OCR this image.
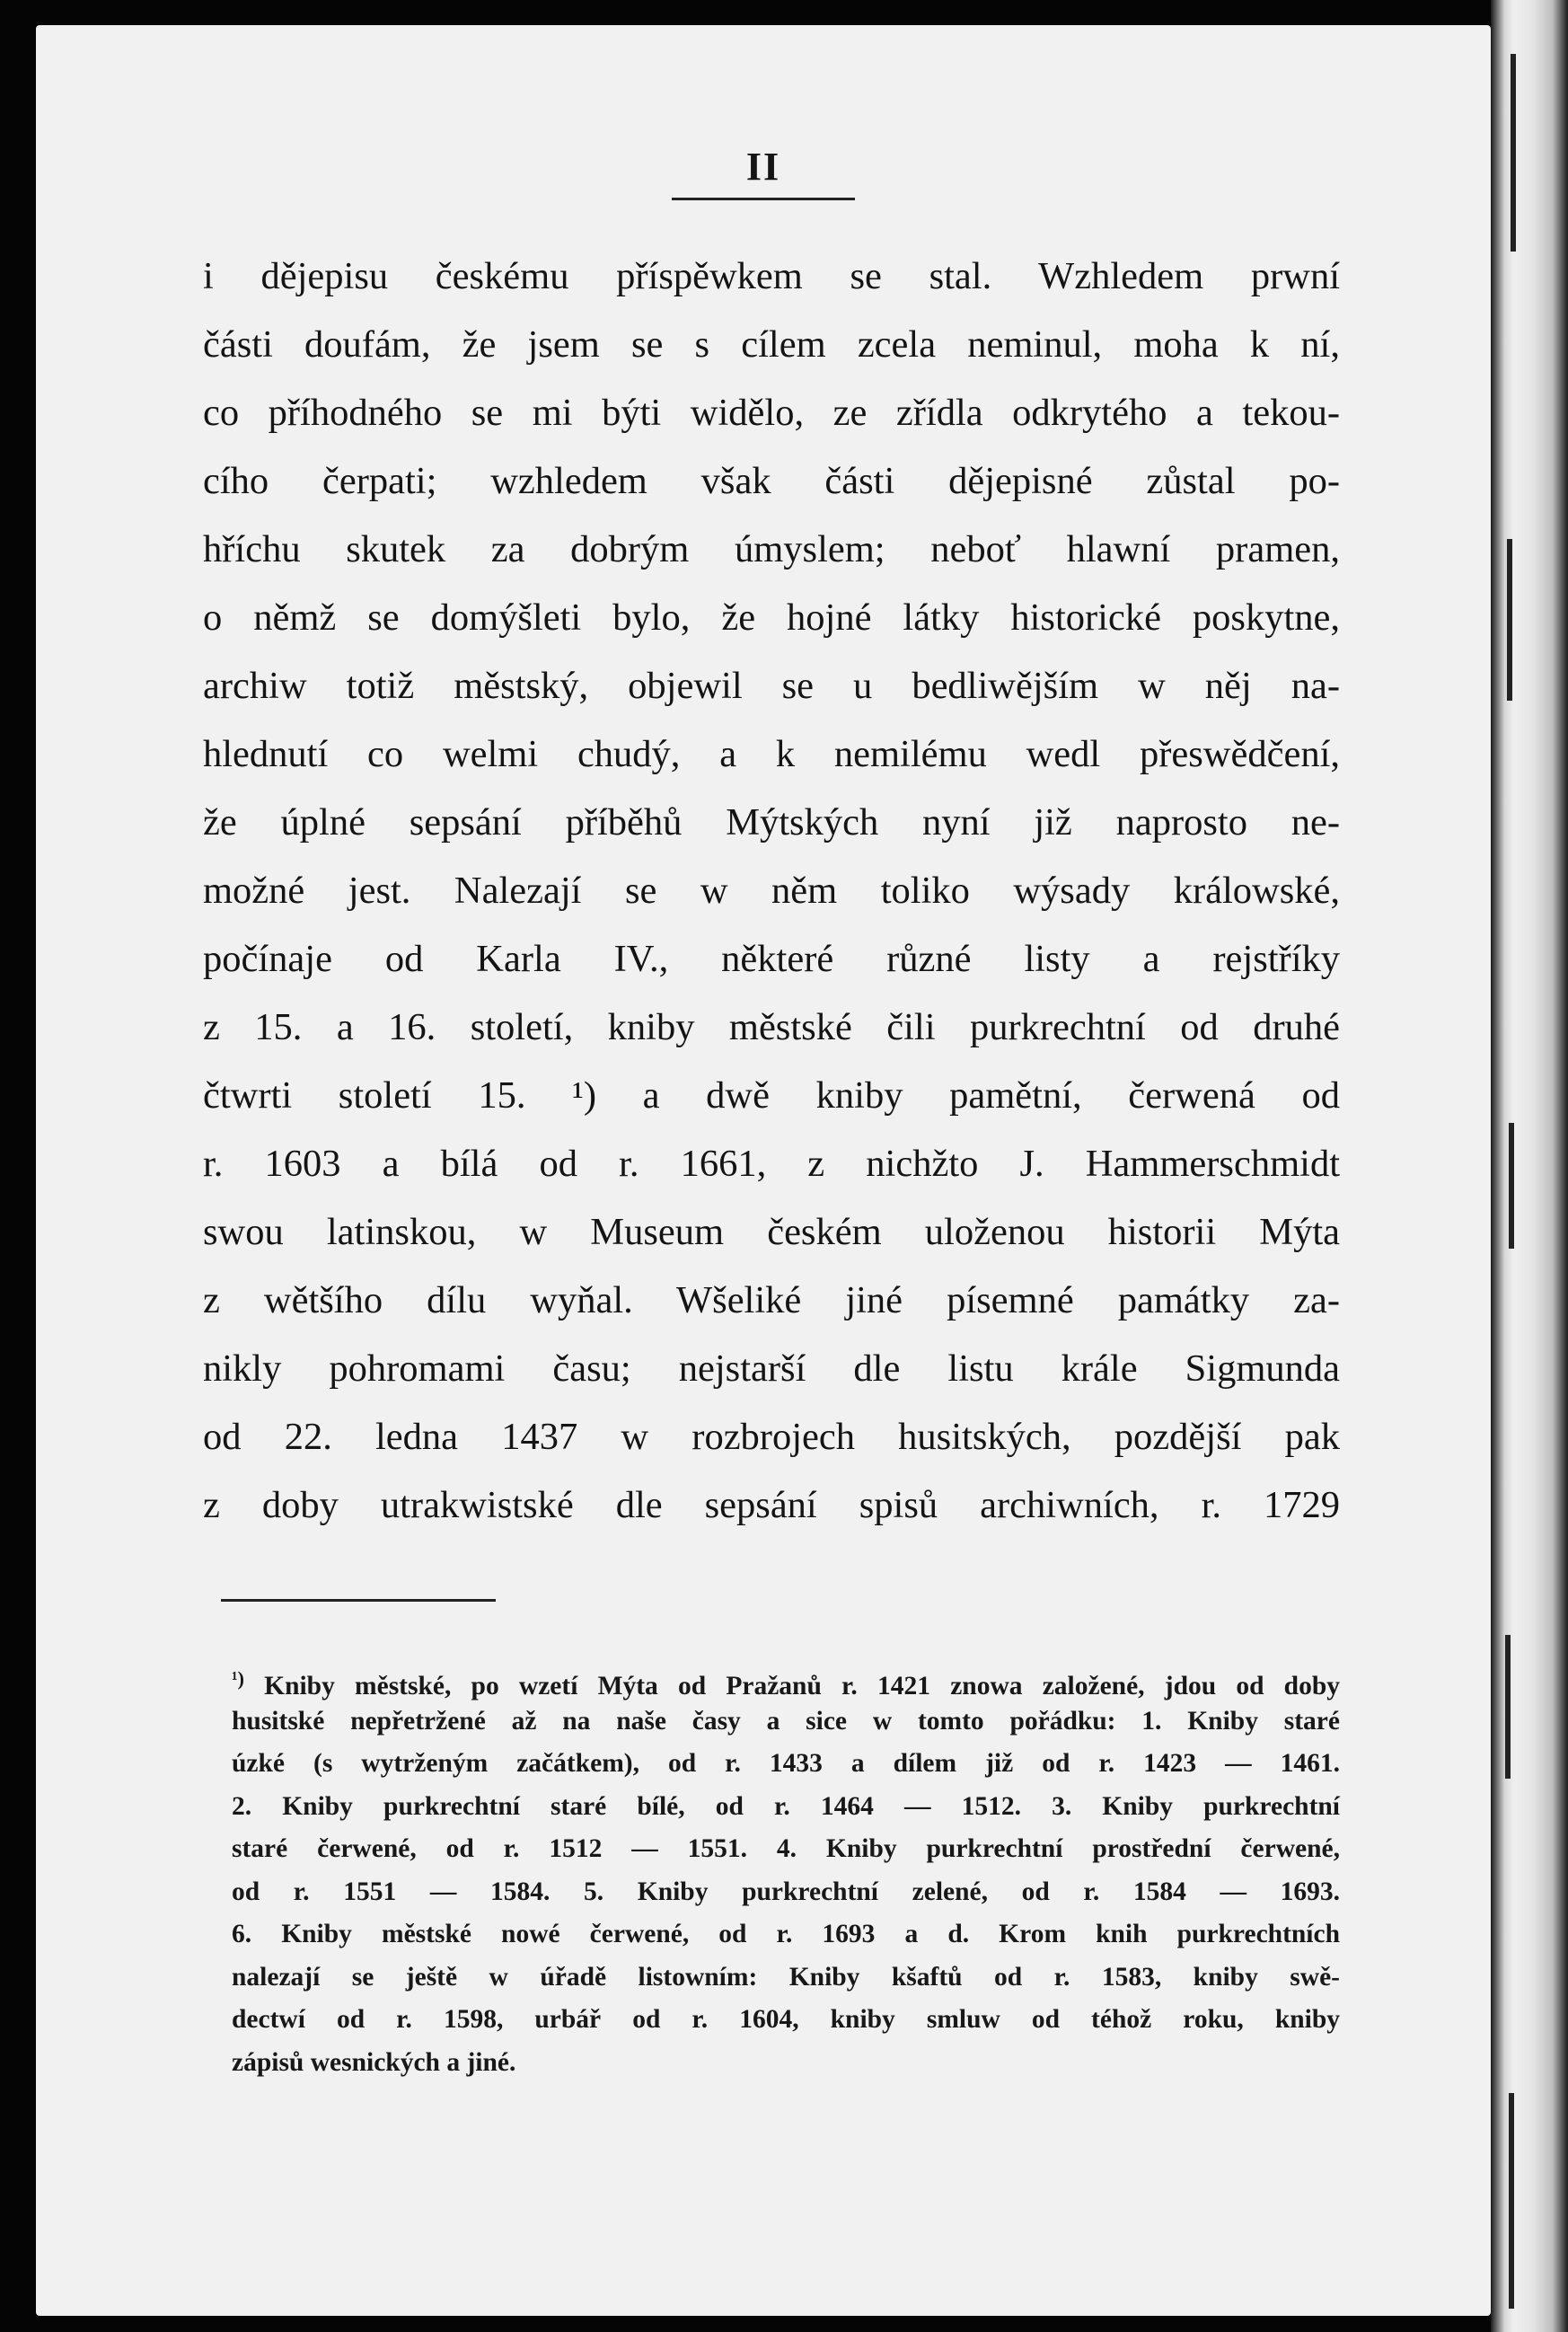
II
i dějepisu českému příspěwkem se stal. Wzhledem prwní
části doufám, že jsem se s cílem zcela neminul, moha k ní,
co příhodného se mi býti widělo, ze zřídla odkrytého a tekou-
cího čerpati; wzhledem však části dějepisné zůstal po-
hříchu skutek za dobrým úmyslem; neboť hlawní pramen,
o němž se domýšleti bylo, že hojné látky historické poskytne,
archiw totiž městský, objewil se u bedliwějším w něj na-
hlednutí co welmi chudý, a k nemilému wedl přeswědčení,
že úplné sepsání příběhů Mýtských nyní již naprosto ne-
možné jest. Nalezají se w něm toliko wýsady králowské,
počínaje od Karla IV., některé různé listy a rejstříky
z 15. a 16. století, kniby městské čili purkrechtní od druhé
čtwrti století 15. ¹) a dwě kniby pamětní, čerwená od
r. 1603 a bílá od r. 1661, z nichžto J. Hammerschmidt
swou latinskou, w Museum českém uloženou historii Mýta
z wětšího dílu wyňal. Wšeliké jiné písemné památky za-
nikly pohromami času; nejstarší dle listu krále Sigmunda
od 22. ledna 1437 w rozbrojech husitských, pozdější pak
z doby utrakwistské dle sepsání spisů archiwních, r. 1729
$^{^1)}$ Kniby městské, po wzetí Mýta od Pražanů r. 1421 znowa založené, jdou od doby
husitské nepřetržené až na naše časy a sice w tomto pořádku: 1. Kniby staré
úzké (s wytrženým začátkem), od r. 1433 a dílem již od r. 1423 — 1461.
2. Kniby purkrechtní staré bílé, od r. 1464 — 1512. 3. Kniby purkrechtní
staré čerwené, od r. 1512 — 1551. 4. Kniby purkrechtní prostřední čerwené,
od r. 1551 — 1584. 5. Kniby purkrechtní zelené, od r. 1584 — 1693.
6. Kniby městské nowé čerwené, od r. 1693 a d. Krom knih purkrechtních
nalezají se ještě w úřadě listowním: Kniby kšaftů od r. 1583, kniby swě-
dectwí od r. 1598, urbář od r. 1604, kniby smluw od téhož roku, kniby
zápisů wesnických a jiné.
